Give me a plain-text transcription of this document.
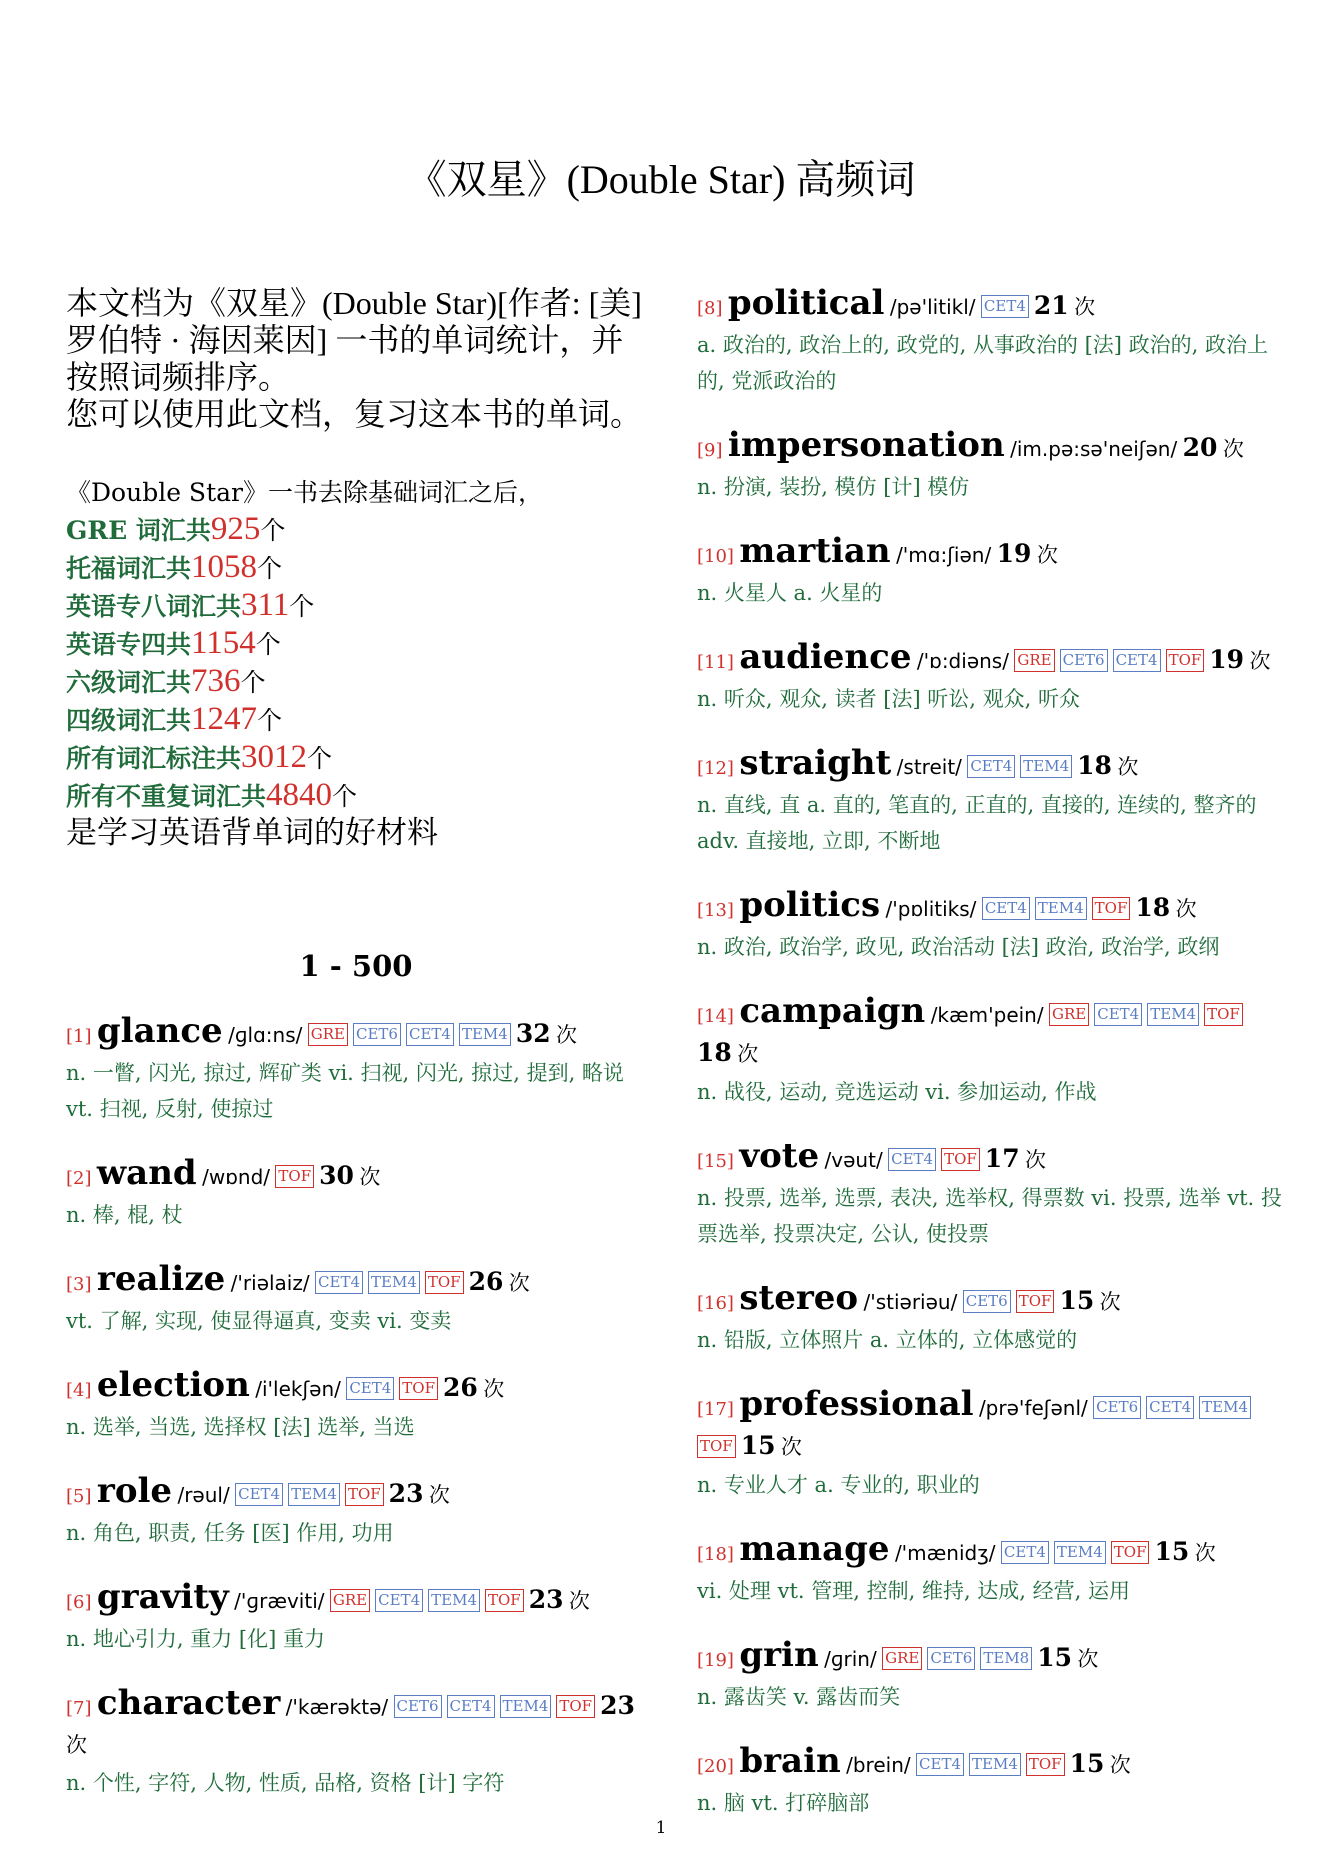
《双星》(Double Star) 高频词
本文档为《双星》(Double Star)[作者: [美] 罗伯特 · 海因莱因] 一书的单词统计，并按照词频排序。
您可以使用此文档，复习这本书的单词。
《Double Star》一书去除基础词汇之后，
GRE 词汇共925个
托福词汇共1058个
英语专八词汇共311个
英语专四共1154个
六级词汇共736个
四级词汇共1247个
所有词汇标注共3012个
所有不重复词汇共4840个
是学习英语背单词的好材料
1 - 500
[1] glance /ɡlɑ:ns/ GRE CET6 CET4 TEM4 32 次
n. 一瞥, 闪光, 掠过, 辉矿类 vi. 扫视, 闪光, 掠过, 提到, 略说 vt. 扫视, 反射, 使掠过
[2] wand /wɒnd/ TOF 30 次
n. 棒, 棍, 杖
[3] realize /'riəlaiz/ CET4 TEM4 TOF 26 次
vt. 了解, 实现, 使显得逼真, 变卖 vi. 变卖
[4] election /i'lekʃən/ CET4 TOF 26 次
n. 选举, 当选, 选择权 [法] 选举, 当选
[5] role /rəul/ CET4 TEM4 TOF 23 次
n. 角色, 职责, 任务 [医] 作用, 功用
[6] gravity /'ɡræviti/ GRE CET4 TEM4 TOF 23 次
n. 地心引力, 重力 [化] 重力
[7] character /'kærəktə/ CET6 CET4 TEM4 TOF 23 次
n. 个性, 字符, 人物, 性质, 品格, 资格 [计] 字符
[8] political /pə'litikl/ CET4 21 次
a. 政治的, 政治上的, 政党的, 从事政治的 [法] 政治的, 政治上的, 党派政治的
[9] impersonation /im.pə:sə'neiʃən/ 20 次
n. 扮演, 装扮, 模仿 [计] 模仿
[10] martian /'mɑ:ʃiən/ 19 次
n. 火星人 a. 火星的
[11] audience /'ɒ:diəns/ GRE CET6 CET4 TOF 19 次
n. 听众, 观众, 读者 [法] 听讼, 观众, 听众
[12] straight /streit/ CET4 TEM4 18 次
n. 直线, 直 a. 直的, 笔直的, 正直的, 直接的, 连续的, 整齐的 adv. 直接地, 立即, 不断地
[13] politics /'pɒlitiks/ CET4 TEM4 TOF 18 次
n. 政治, 政治学, 政见, 政治活动 [法] 政治, 政治学, 政纲
[14] campaign /kæm'pein/ GRE CET4 TEM4 TOF18 次
n. 战役, 运动, 竞选运动 vi. 参加运动, 作战
[15] vote /vəut/ CET4 TOF 17 次
n. 投票, 选举, 选票, 表决, 选举权, 得票数 vi. 投票, 选举 vt. 投票选举, 投票决定, 公认, 使投票
[16] stereo /'stiəriəu/ CET6 TOF 15 次
n. 铅版, 立体照片 a. 立体的, 立体感觉的
[17] professional /prə'feʃənl/ CET6 CET4 TEM4TOF 15 次
n. 专业人才 a. 专业的, 职业的
[18] manage /'mænidʒ/ CET4 TEM4 TOF 15 次
vi. 处理 vt. 管理, 控制, 维持, 达成, 经营, 运用
[19] grin /ɡrin/ GRE CET6 TEM8 15 次
n. 露齿笑 v. 露齿而笑
[20] brain /brein/ CET4 TEM4 TOF 15 次
n. 脑 vt. 打碎脑部
1
